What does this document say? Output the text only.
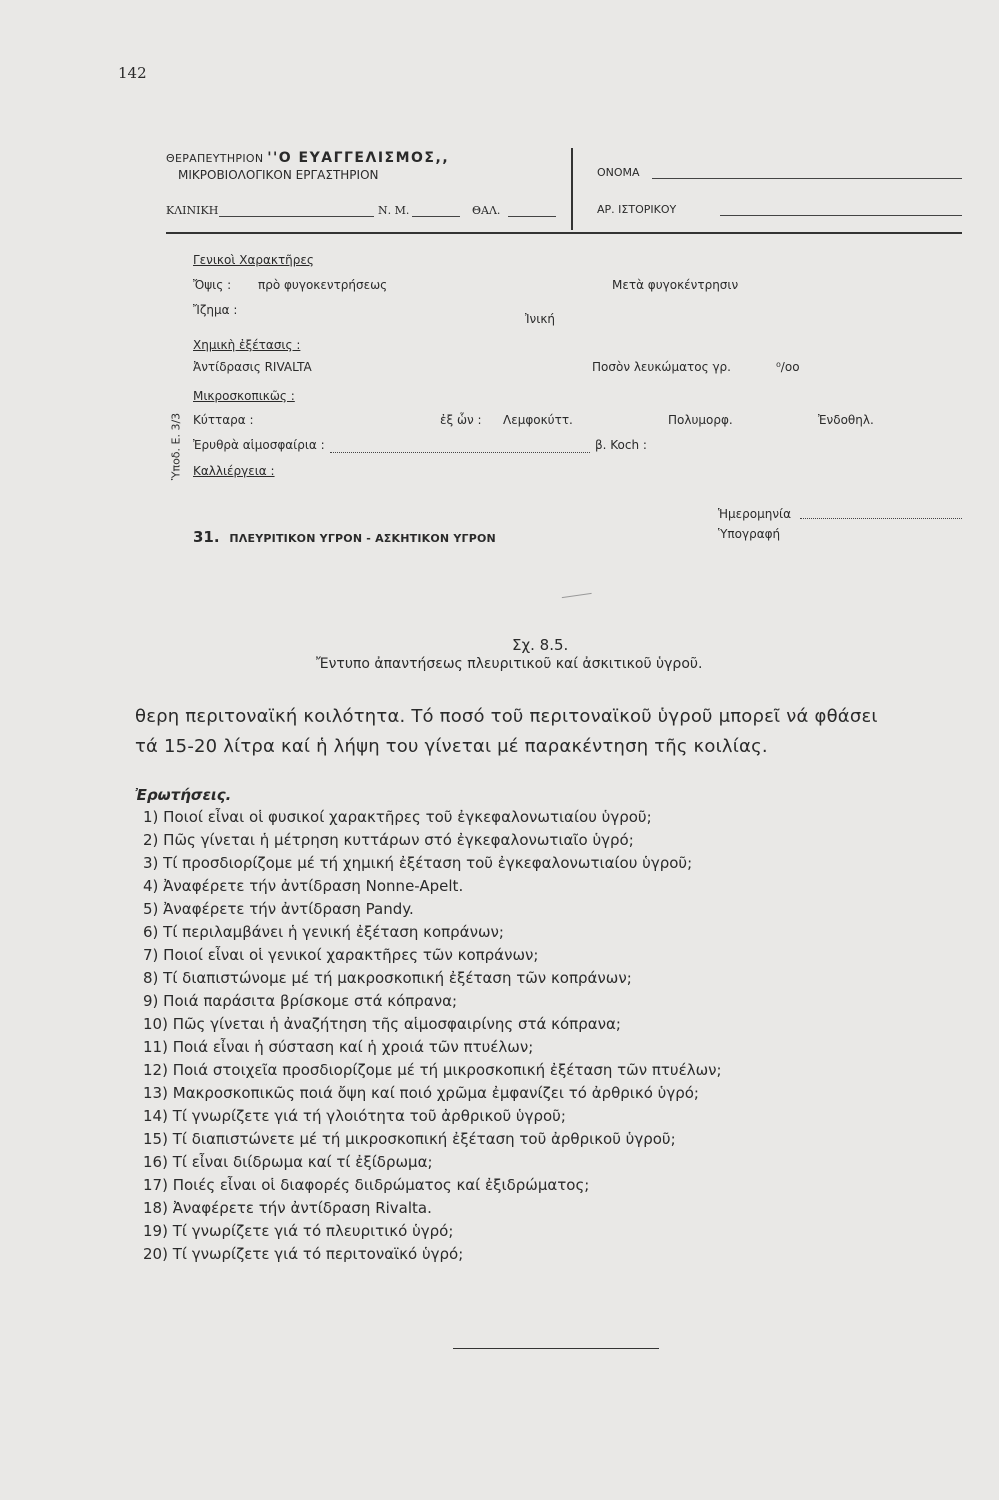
142
ΘΕΡΑΠΕΥΤΗΡΙΟΝ ''Ο ΕΥΑΓΓΕΛΙΣΜΟΣ,,
ΜΙΚΡΟΒΙΟΛΟΓΙΚΟΝ ΕΡΓΑΣΤΗΡΙΟΝ
ΚΛΙΝΙΚΗ	Ν. Μ.	ΘΑΛ.
ΟΝΟΜΑ
ΑΡ. ΙΣΤΟΡΙΚΟΥ
Γενικοὶ Χαρακτῆρες
Ὄψις : πρὸ φυγοκεντρήσεως	Μετὰ φυγοκέντρησιν
Ἴζημα :
Ἰνική
Χημικὴ ἐξέτασις :
Ἀντίδρασις RIVALTA	Ποσὸν λευκώματος γρ.	⁰/οο
Μικροσκοπικῶς :
Κύτταρα :	ἐξ ὧν : Λεμφοκύττ.	Πολυμορφ.	Ἐνδοθηλ.
Ἐρυθρὰ αἱμοσφαίρια :	β. Koch :
Καλλιέργεια :
Ὑποδ. Ε. 3/3
Ἡμερομηνία
Ὑπογραφή
31. ΠΛΕΥΡΙΤΙΚΟΝ ΥΓΡΟΝ - ΑΣΚΗΤΙΚΟΝ ΥΓΡΟΝ
Σχ. 8.5.
Ἔντυπο ἀπαντήσεως πλευριτικοῦ καί ἀσκιτικοῦ ὑγροῦ.
θερη περιτοναϊκή κοιλότητα. Τό ποσό τοῦ περιτοναϊκοῦ ὑγροῦ μπορεῖ νά φθάσει
τά 15-20 λίτρα καί ἡ λήψη του γίνεται μέ παρακέντηση τῆς κοιλίας.
Ἐρωτήσεις.
1) Ποιοί εἶναι οἱ φυσικοί χαρακτῆρες τοῦ ἐγκεφαλονωτιαίου ὑγροῦ;
2) Πῶς γίνεται ἡ μέτρηση κυττάρων στό ἐγκεφαλονωτιαῖο ὑγρό;
3) Τί προσδιορίζομε μέ τή χημική ἐξέταση τοῦ ἐγκεφαλονωτιαίου ὑγροῦ;
4) Ἀναφέρετε τήν ἀντίδραση Nonne-Apelt.
5) Ἀναφέρετε τήν ἀντίδραση Pandy.
6) Τί περιλαμβάνει ἡ γενική ἐξέταση κοπράνων;
7) Ποιοί εἶναι οἱ γενικοί χαρακτῆρες τῶν κοπράνων;
8) Τί διαπιστώνομε μέ τή μακροσκοπική ἐξέταση τῶν κοπράνων;
9) Ποιά παράσιτα βρίσκομε στά κόπρανα;
10) Πῶς γίνεται ἡ ἀναζήτηση τῆς αἱμοσφαιρίνης στά κόπρανα;
11) Ποιά εἶναι ἡ σύσταση καί ἡ χροιά τῶν πτυέλων;
12) Ποιά στοιχεῖα προσδιορίζομε μέ τή μικροσκοπική ἐξέταση τῶν πτυέλων;
13) Μακροσκοπικῶς ποιά ὄψη καί ποιό χρῶμα ἐμφανίζει τό ἀρθρικό ὑγρό;
14) Τί γνωρίζετε γιά τή γλοιότητα τοῦ ἀρθρικοῦ ὑγροῦ;
15) Τί διαπιστώνετε μέ τή μικροσκοπική ἐξέταση τοῦ ἀρθρικοῦ ὑγροῦ;
16) Τί εἶναι διίδρωμα καί τί ἐξίδρωμα;
17) Ποιές εἶναι οἱ διαφορές διιδρώματος καί ἐξιδρώματος;
18) Ἀναφέρετε τήν ἀντίδραση Rivalta.
19) Τί γνωρίζετε γιά τό πλευριτικό ὑγρό;
20) Τί γνωρίζετε γιά τό περιτοναϊκό ὑγρό;
